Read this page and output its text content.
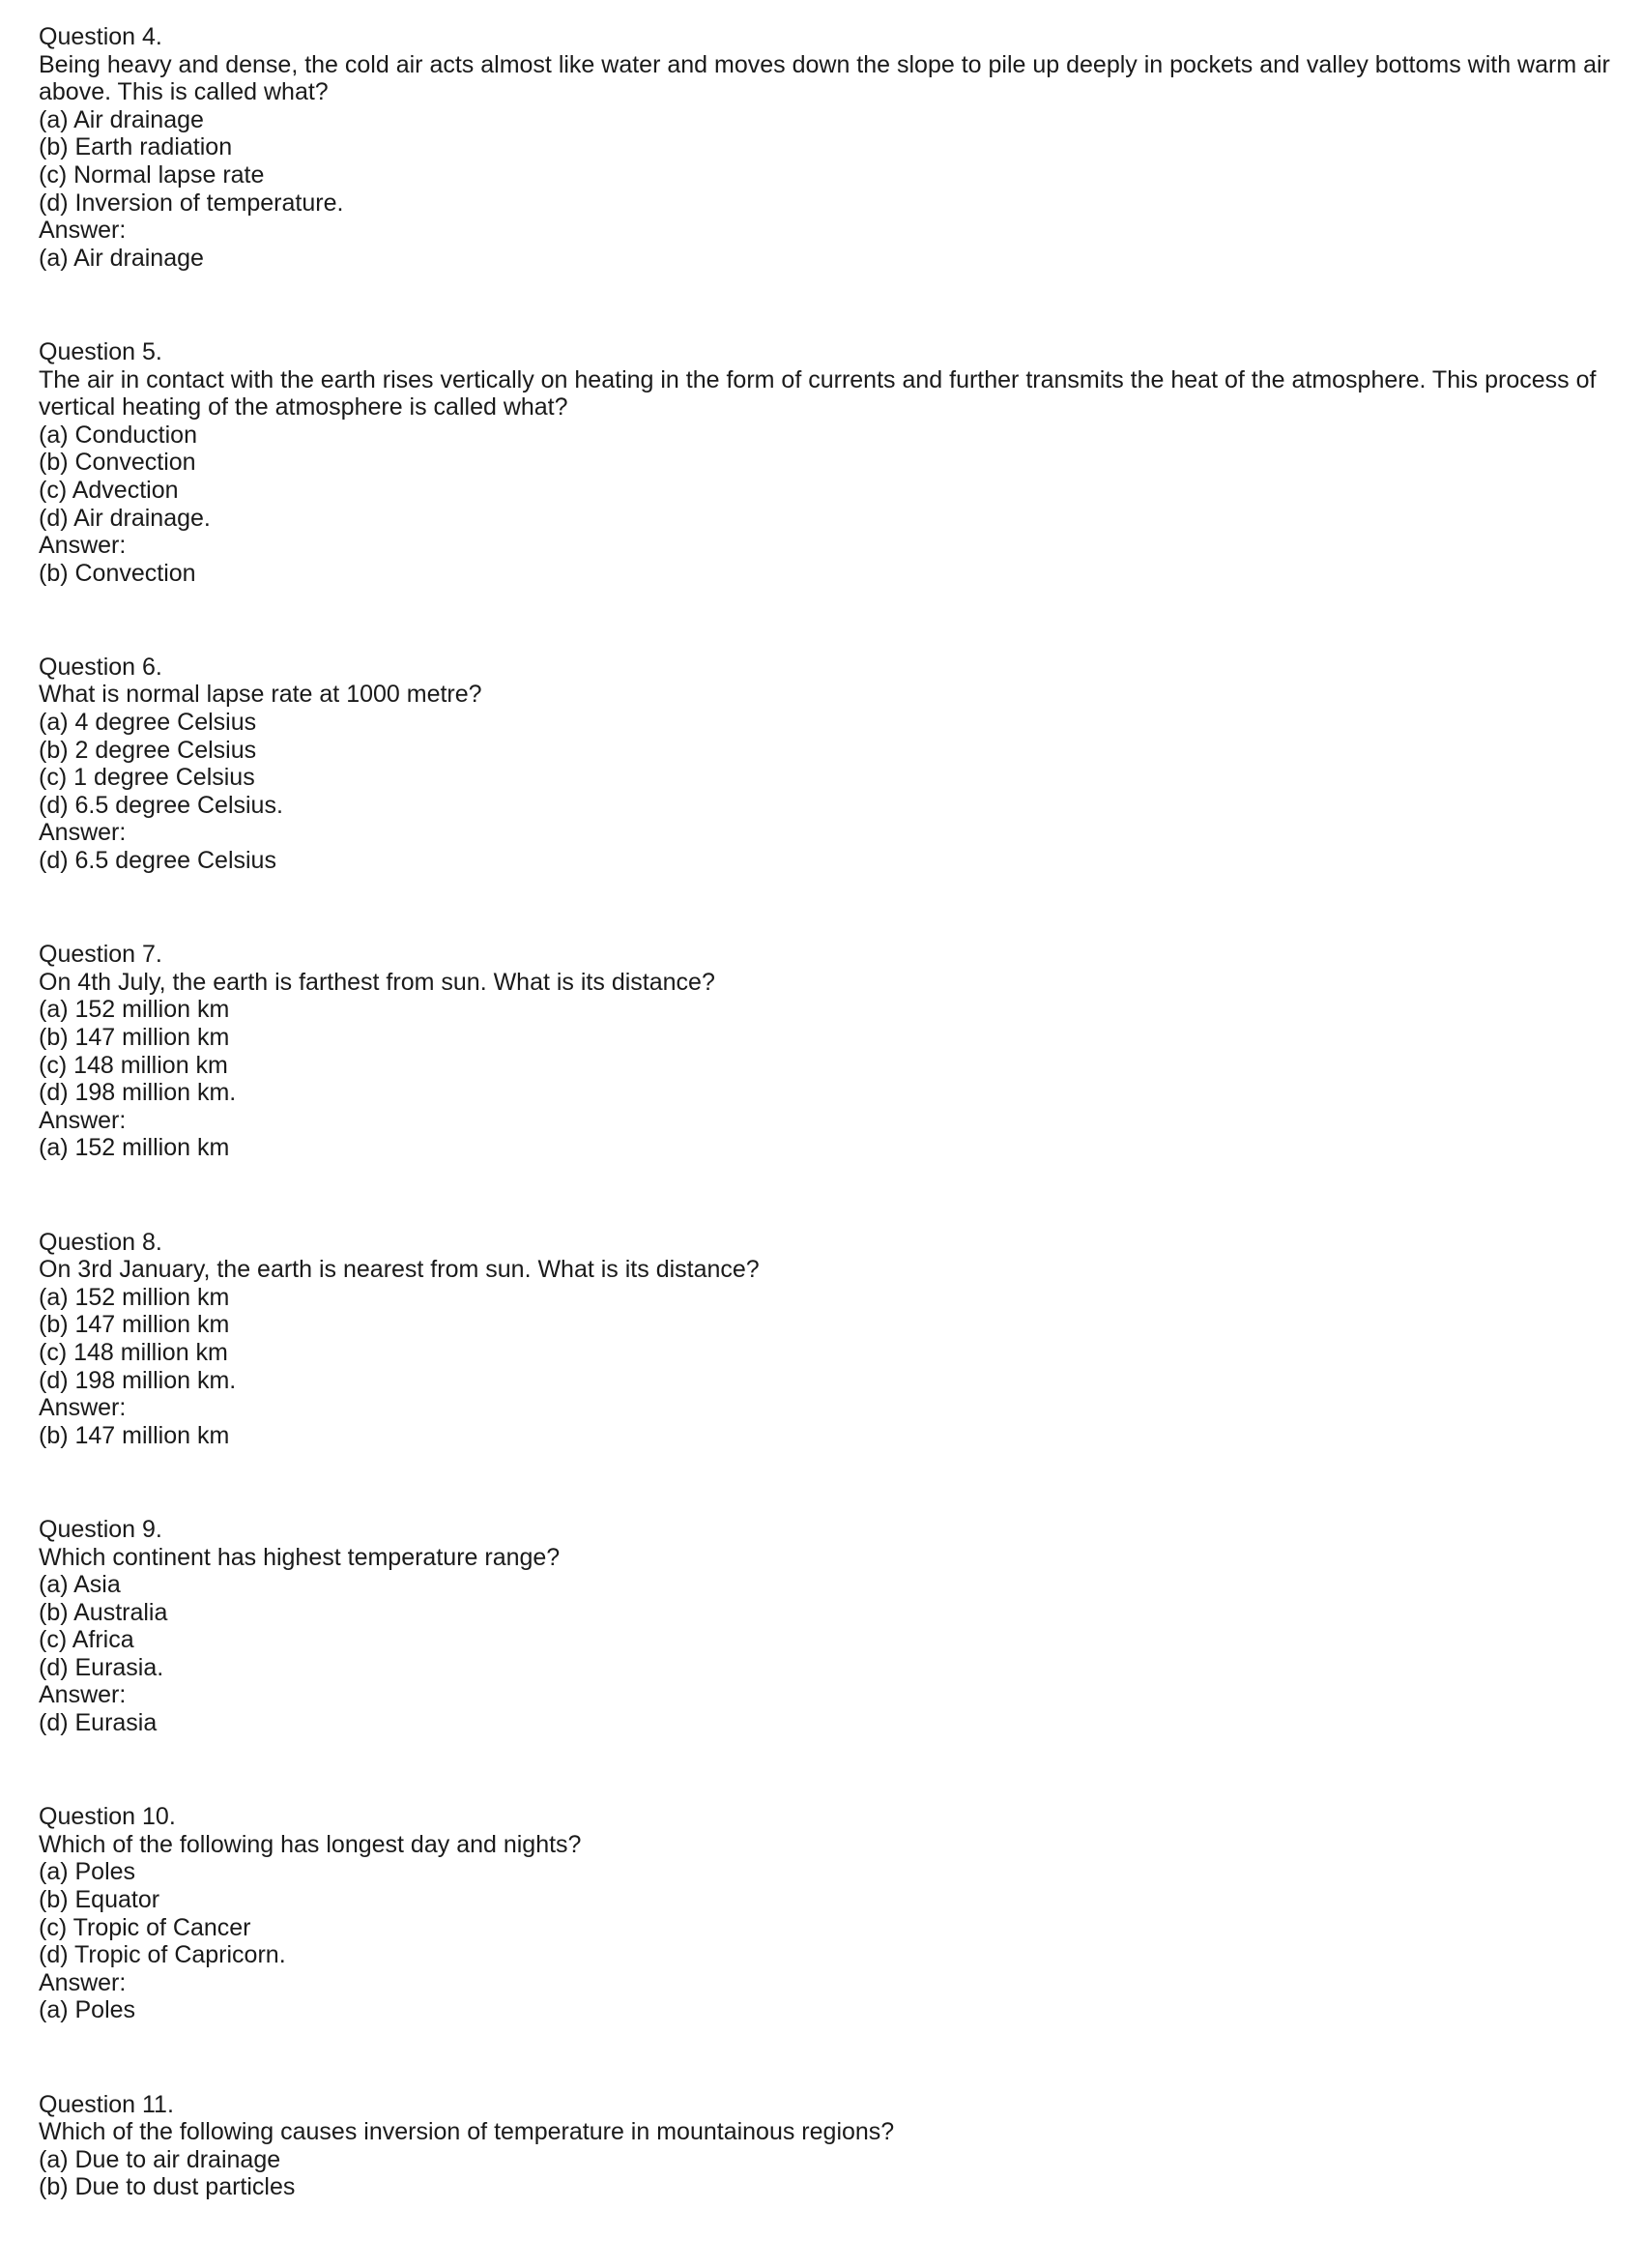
Question 4.
Being heavy and dense, the cold air acts almost like water and moves down the slope to pile up deeply in pockets and valley bottoms with warm air above. This is called what?
(a) Air drainage
(b) Earth radiation
(c) Normal lapse rate
(d) Inversion of temperature.
Answer:
(a) Air drainage
Question 5.
The air in contact with the earth rises vertically on heating in the form of currents and further transmits the heat of the atmosphere. This process of vertical heating of the atmosphere is called what?
(a) Conduction
(b) Convection
(c) Advection
(d) Air drainage.
Answer:
(b) Convection
Question 6.
What is normal lapse rate at 1000 metre?
(a) 4 degree Celsius
(b) 2 degree Celsius
(c) 1 degree Celsius
(d) 6.5 degree Celsius.
Answer:
(d) 6.5 degree Celsius
Question 7.
On 4th July, the earth is farthest from sun. What is its distance?
(a) 152 million km
(b) 147 million km
(c) 148 million km
(d) 198 million km.
Answer:
(a) 152 million km
Question 8.
On 3rd January, the earth is nearest from sun. What is its distance?
(a) 152 million km
(b) 147 million km
(c) 148 million km
(d) 198 million km.
Answer:
(b) 147 million km
Question 9.
Which continent has highest temperature range?
(a) Asia
(b) Australia
(c) Africa
(d) Eurasia.
Answer:
(d) Eurasia
Question 10.
Which of the following has longest day and nights?
(a) Poles
(b) Equator
(c) Tropic of Cancer
(d) Tropic of Capricorn.
Answer:
(a) Poles
Question 11.
Which of the following causes inversion of temperature in mountainous regions?
(a) Due to air drainage
(b) Due to dust particles
